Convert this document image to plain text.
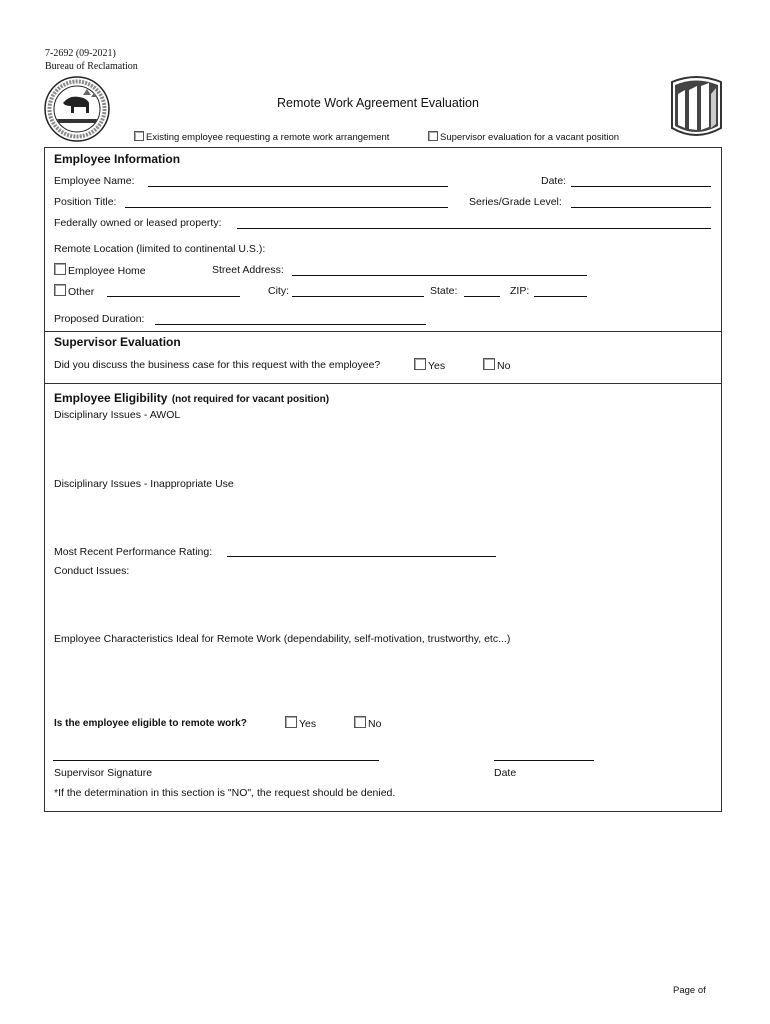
7-2692 (09-2021)
Bureau of Reclamation
Remote Work Agreement Evaluation
Existing employee requesting a remote work arrangement	Supervisor evaluation for a vacant position
Employee Information
Employee Name:	Date:
Position Title:	Series/Grade Level:
Federally owned or leased property:
Remote Location (limited to continental U.S.):
Employee Home	Street Address:
Other	City:	State:	ZIP:
Proposed Duration:
Supervisor Evaluation
Did you discuss the business case for this request with the employee?	Yes	No
Employee Eligibility (not required for vacant position)
Disciplinary Issues - AWOL
Disciplinary Issues - Inappropriate Use
Most Recent Performance Rating:
Conduct Issues:
Employee Characteristics Ideal for Remote Work (dependability, self-motivation, trustworthy, etc...)
Is the employee eligible to remote work?	Yes	No
Supervisor Signature	Date
*If the determination in this section is "NO", the request should be denied.
Page of
